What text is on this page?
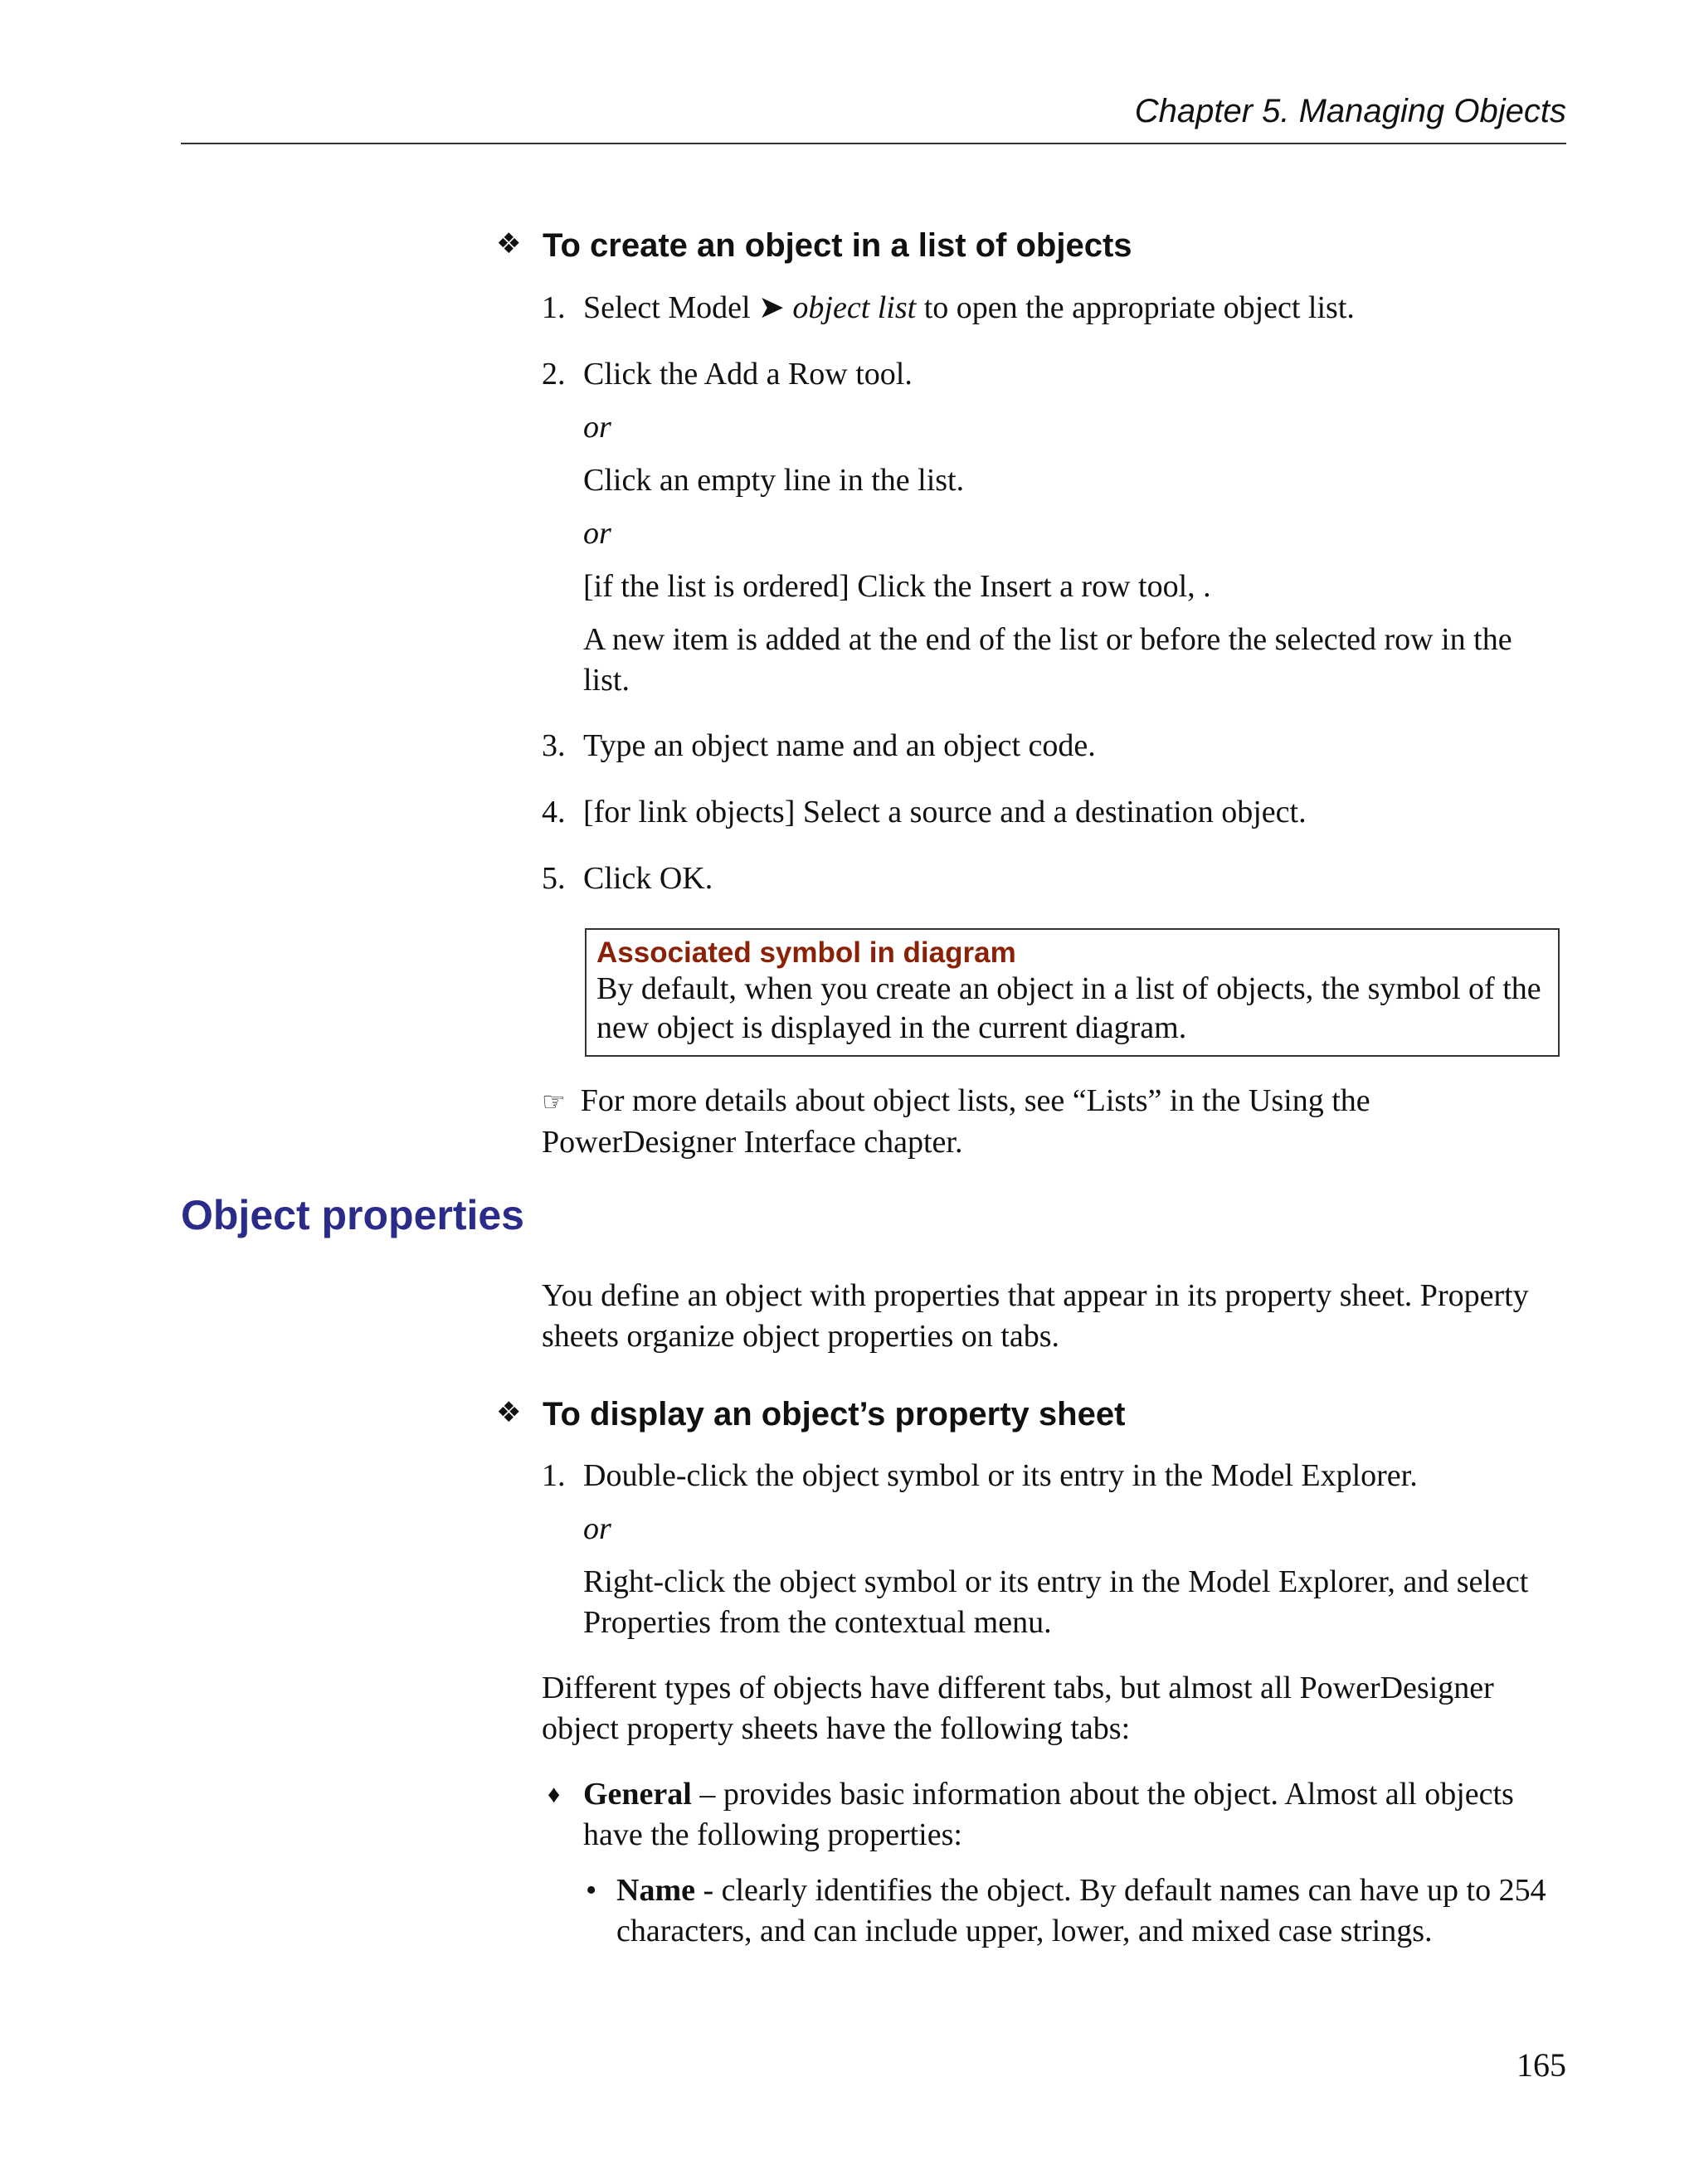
Chapter 5. Managing Objects
❖ To create an object in a list of objects
1. Select Model ➤ object list to open the appropriate object list.
2. Click the Add a Row tool.
or
Click an empty line in the list.
or
[if the list is ordered] Click the Insert a row tool, .
A new item is added at the end of the list or before the selected row in the list.
3. Type an object name and an object code.
4. [for link objects] Select a source and a destination object.
5. Click OK.
Associated symbol in diagram
By default, when you create an object in a list of objects, the symbol of the new object is displayed in the current diagram.
☞ For more details about object lists, see “Lists” in the Using the PowerDesigner Interface chapter.
Object properties
You define an object with properties that appear in its property sheet. Property sheets organize object properties on tabs.
❖ To display an object’s property sheet
1. Double-click the object symbol or its entry in the Model Explorer.
or
Right-click the object symbol or its entry in the Model Explorer, and select Properties from the contextual menu.
Different types of objects have different tabs, but almost all PowerDesigner object property sheets have the following tabs:
♦ General – provides basic information about the object. Almost all objects have the following properties:
• Name - clearly identifies the object. By default names can have up to 254 characters, and can include upper, lower, and mixed case strings.
165
